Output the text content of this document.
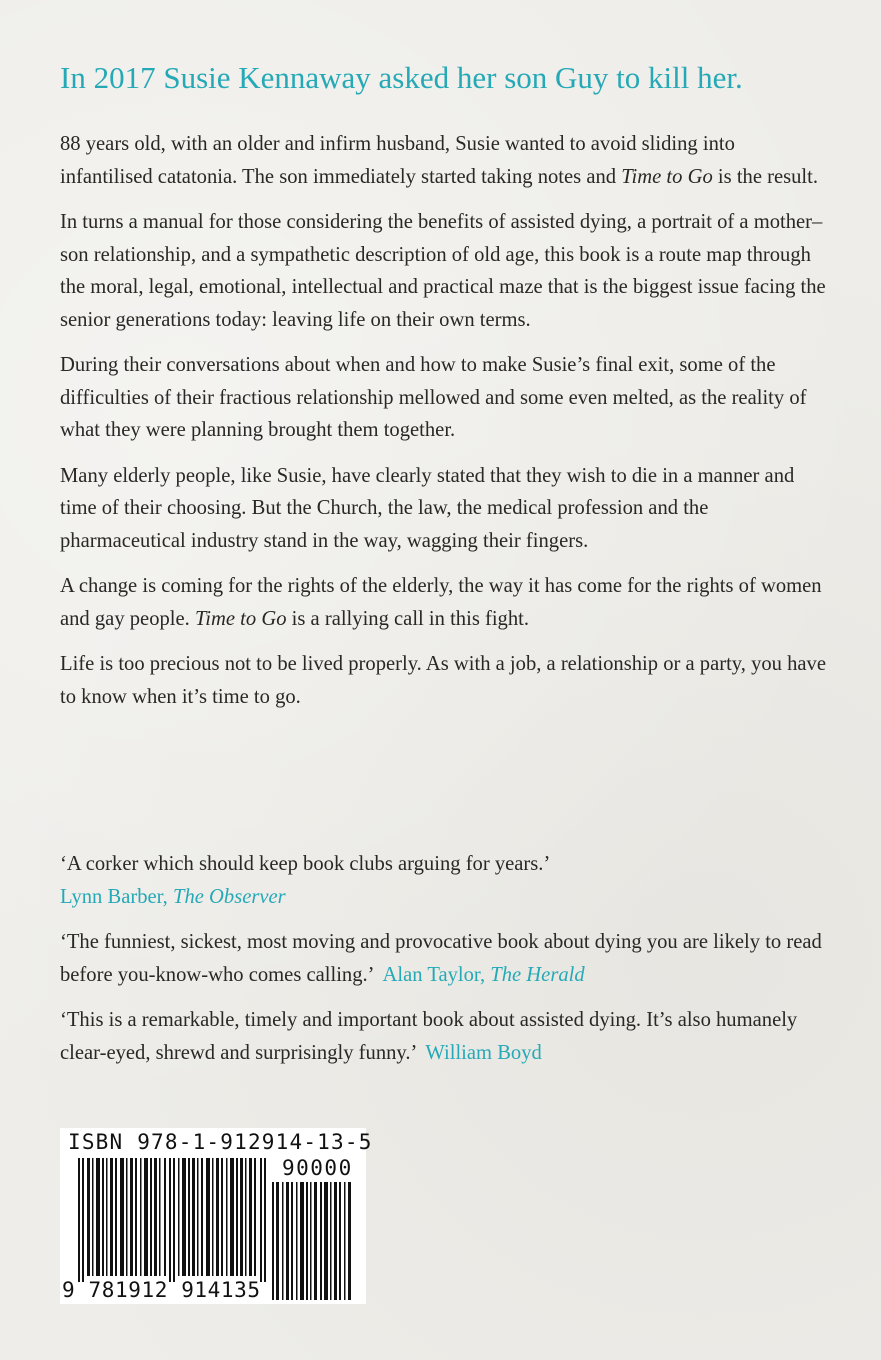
In 2017 Susie Kennaway asked her son Guy to kill her.

88 years old, with an older and infirm husband, Susie wanted to avoid sliding into infantilised catatonia. The son immediately started taking notes and Time to Go is the result.

In turns a manual for those considering the benefits of assisted dying, a portrait of a mother–son relationship, and a sympathetic description of old age, this book is a route map through the moral, legal, emotional, intellectual and practical maze that is the biggest issue facing the senior generations today: leaving life on their own terms.

During their conversations about when and how to make Susie’s final exit, some of the difficulties of their fractious relationship mellowed and some even melted, as the reality of what they were planning brought them together.

Many elderly people, like Susie, have clearly stated that they wish to die in a manner and time of their choosing. But the Church, the law, the medical profession and the pharmaceutical industry stand in the way, wagging their fingers.

A change is coming for the rights of the elderly, the way it has come for the rights of women and gay people. Time to Go is a rallying call in this fight.

Life is too precious not to be lived properly. As with a job, a relationship or a party, you have to know when it’s time to go.

‘A corker which should keep book clubs arguing for years.’
Lynn Barber, The Observer

‘The funniest, sickest, most moving and provocative book about dying you are likely to read before you-know-who comes calling.’ Alan Taylor, The Herald

‘This is a remarkable, timely and important book about assisted dying. It’s also humanely clear-eyed, shrewd and surprisingly funny.’ William Boyd

ISBN 978-1-912914-13-5
90000
9 781912 914135
